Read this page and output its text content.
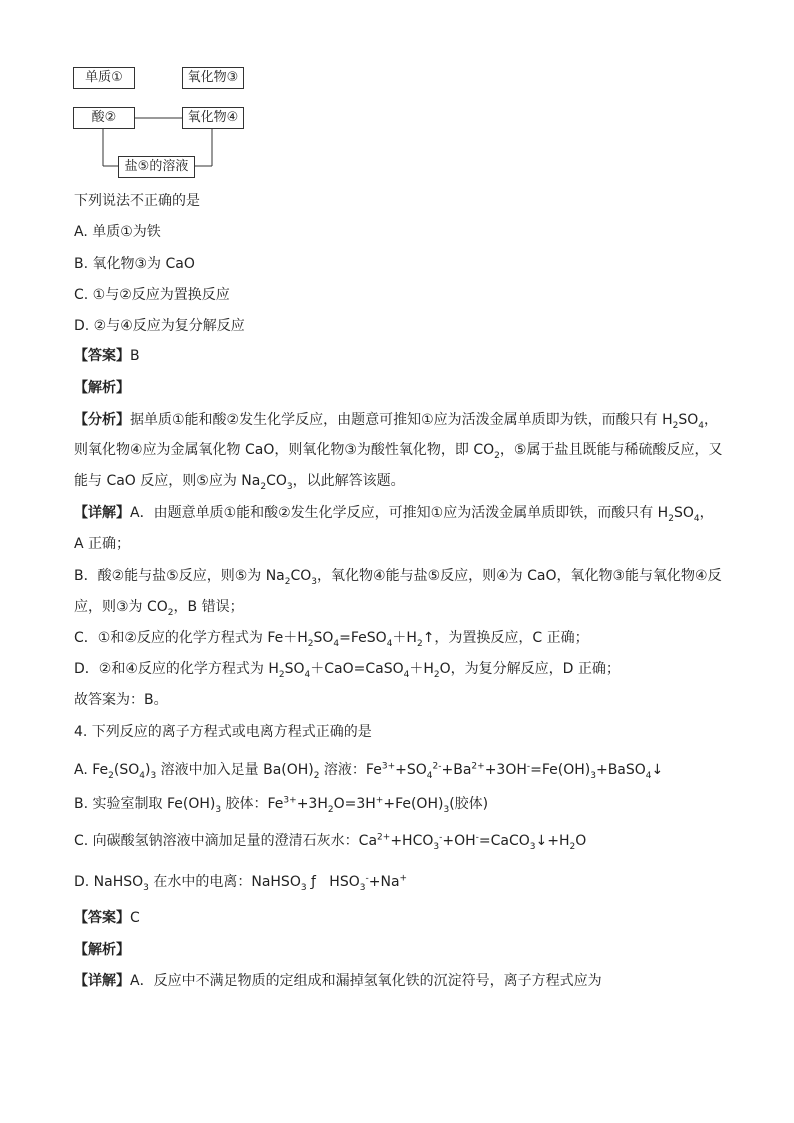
单质①	氧化物③
酸②	氧化物④
盐⑤的溶液
下列说法不正确的是
A. 单质①为铁
B. 氧化物③为 CaO
C. ①与②反应为置换反应
D. ②与④反应为复分解反应
【答案】B
【解析】
【分析】据单质①能和酸②发生化学反应，由题意可推知①应为活泼金属单质即为铁，而酸只有 $H_2SO_4$，
则氧化物④应为金属氧化物 CaO，则氧化物③为酸性氧化物，即 $CO_2$，⑤属于盐且既能与稀硫酸反应，又
能与 CaO 反应，则⑤应为 $Na_2CO_3$，以此解答该题。
【详解】A．由题意单质①能和酸②发生化学反应，可推知①应为活泼金属单质即铁，而酸只有 $H_2SO_4$，
A 正确；
B．酸②能与盐⑤反应，则⑤为 $Na_2CO_3$，氧化物④能与盐⑤反应，则④为 CaO，氧化物③能与氧化物④反
应，则③为 $CO_2$，B 错误；
C．①和②反应的化学方程式为 $Fe+H_2SO_4=FeSO_4+H_2↑$，为置换反应，C 正确；
D．②和④反应的化学方程式为 $H_2SO_4+CaO=CaSO_4+H_2O$，为复分解反应，D 正确；
故答案为：B。
4. 下列反应的离子方程式或电离方程式正确的是
A. $Fe_2(SO_4)_3$ 溶液中加入足量 $Ba(OH)_2$ 溶液：$Fe^{3+}+SO_4^{2-}+Ba^{2+}+3OH^-=Fe(OH)_3+BaSO_4↓$
B. 实验室制取 $Fe(OH)_3$ 胶体：$Fe^{3+}+3H_2O=3H^++Fe(OH)_3$(胶体)
C. 向碳酸氢钠溶液中滴加足量的澄清石灰水：$Ca^{2+}+HCO_3^-+OH^-=CaCO_3↓+H_2O$
D. NaHSO$_3$ 在水中的电离：NaHSO$_3$ ƒ   $HSO_3^-+Na^+$
【答案】C
【解析】
【详解】A．反应中不满足物质的定组成和漏掉氢氧化铁的沉淀符号，离子方程式应为
